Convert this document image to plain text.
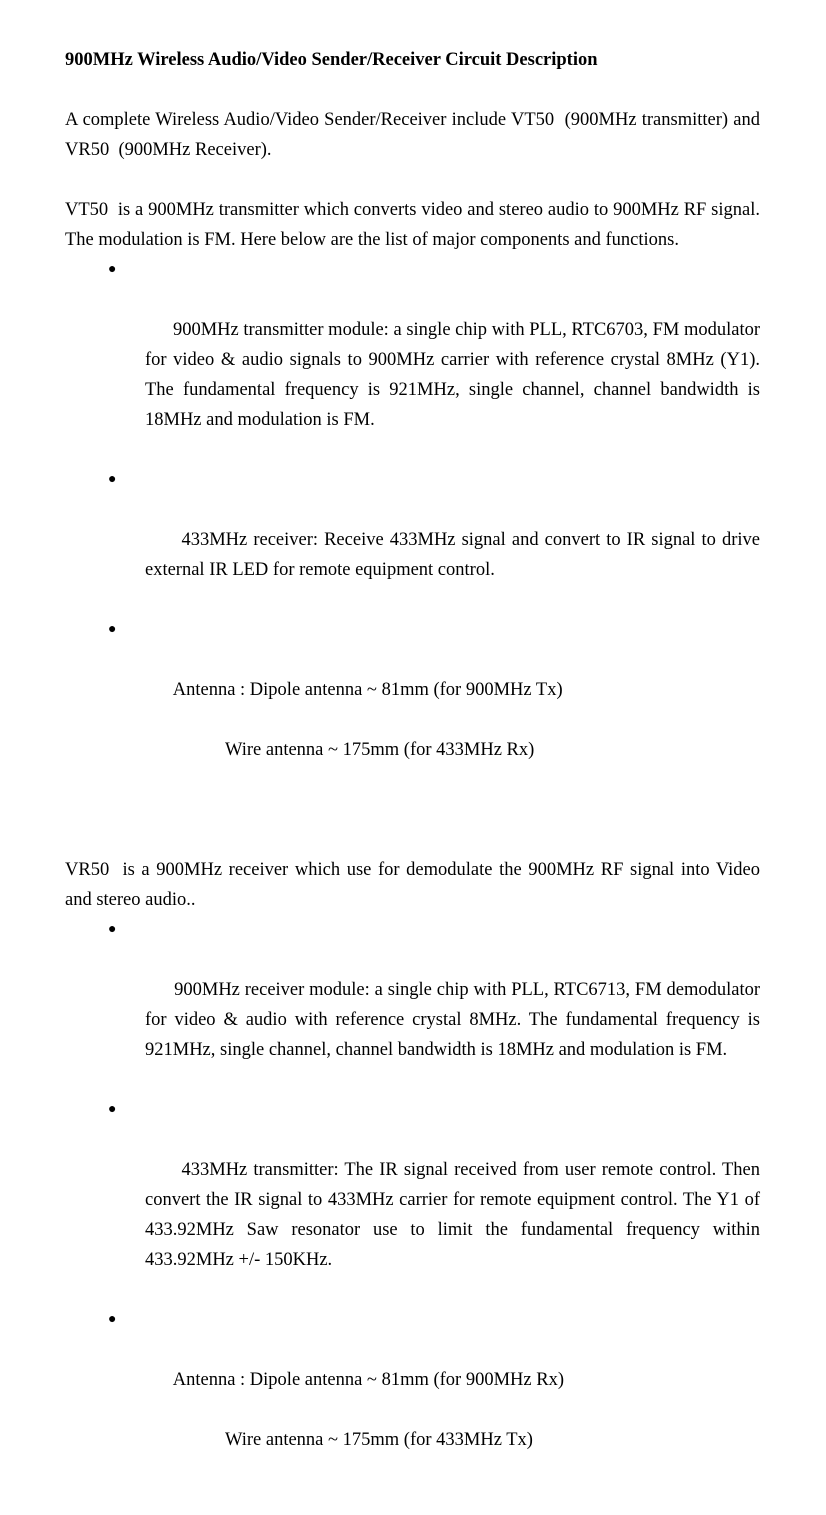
900MHz Wireless Audio/Video Sender/Receiver Circuit Description

A complete Wireless Audio/Video Sender/Receiver include VT50  (900MHz transmitter) and VR50  (900MHz Receiver).

VT50  is a 900MHz transmitter which converts video and stereo audio to 900MHz RF signal. The modulation is FM. Here below are the list of major components and functions.

●

900MHz transmitter module: a single chip with PLL, RTC6703, FM modulator for video & audio signals to 900MHz carrier with reference crystal 8MHz (Y1). The fundamental frequency is 921MHz, single channel, channel bandwidth is 18MHz and modulation is FM.

●

433MHz receiver: Receive 433MHz signal and convert to IR signal to drive external IR LED for remote equipment control.

●

Antenna : Dipole antenna ~ 81mm (for 900MHz Tx)

Wire antenna ~ 175mm (for 433MHz Rx)

VR50  is a 900MHz receiver which use for demodulate the 900MHz RF signal into Video and stereo audio..

●

900MHz receiver module: a single chip with PLL, RTC6713, FM demodulator for video & audio with reference crystal 8MHz. The fundamental frequency is 921MHz, single channel, channel bandwidth is 18MHz and modulation is FM.

●

433MHz transmitter: The IR signal received from user remote control. Then convert the IR signal to 433MHz carrier for remote equipment control. The Y1 of 433.92MHz Saw resonator use to limit the fundamental frequency within 433.92MHz +/- 150KHz.

●

Antenna : Dipole antenna ~ 81mm (for 900MHz Rx)

Wire antenna ~ 175mm (for 433MHz Tx)
